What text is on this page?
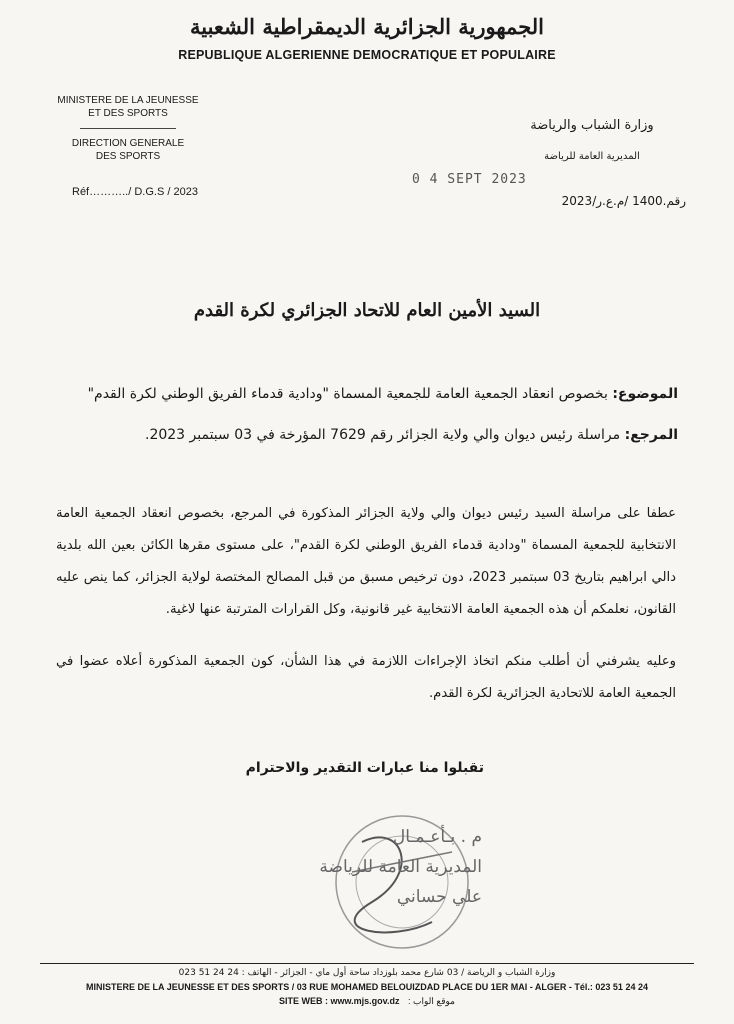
الجمهورية الجزائرية الديمقراطية الشعبية
REPUBLIQUE ALGERIENNE DEMOCRATIQUE ET POPULAIRE
MINISTERE DE LA JEUNESSE
ET DES SPORTS
DIRECTION GENERALE
DES SPORTS
Réf………../ D.G.S / 2023
وزارة الشباب والرياضة
المديرية العامة للرياضة
رقم.1400 /م.ع.ر/2023
0 4 SEPT 2023
السيد الأمين العام للاتحاد الجزائري لكرة القدم
الموضوع: بخصوص انعقاد الجمعية العامة للجمعية المسماة "ودادية قدماء الفريق الوطني لكرة القدم"
المرجع: مراسلة رئيس ديوان والي ولاية الجزائر رقم 7629 المؤرخة في 03 سبتمبر 2023.
عطفا على مراسلة السيد رئيس ديوان والي ولاية الجزائر المذكورة في المرجع، بخصوص انعقاد الجمعية العامة الانتخابية للجمعية المسماة "ودادية قدماء الفريق الوطني لكرة القدم"، على مستوى مقرها الكائن بعين الله بلدية دالي ابراهيم بتاريخ 03 سبتمبر 2023، دون ترخيص مسبق من قبل المصالح المختصة لولاية الجزائر، كما ينص عليه القانون، نعلمكم أن هذه الجمعية العامة الانتخابية غير قانونية، وكل القرارات المترتبة عنها لاغية.
وعليه يشرفني أن أطلب منكم اتخاذ الإجراءات اللازمة في هذا الشأن، كون الجمعية المذكورة أعلاه عضوا في الجمعية العامة للاتحادية الجزائرية لكرة القدم.
تقبلوا منا عبارات التقدير والاحترام
م . بـأعـمـال
المديرية العامة للرياضة
علي حساني
وزارة الشباب و الرياضة / 03 شارع محمد بلوزداد ساحة أول ماي - الجزائر - الهاتف : 24 24 51 023
MINISTERE DE LA JEUNESSE ET DES SPORTS / 03 RUE MOHAMED BELOUIZDAD PLACE DU 1ER MAI - ALGER - Tél.: 023 51 24 24
SITE WEB : www.mjs.gov.dz : موقع الواب
